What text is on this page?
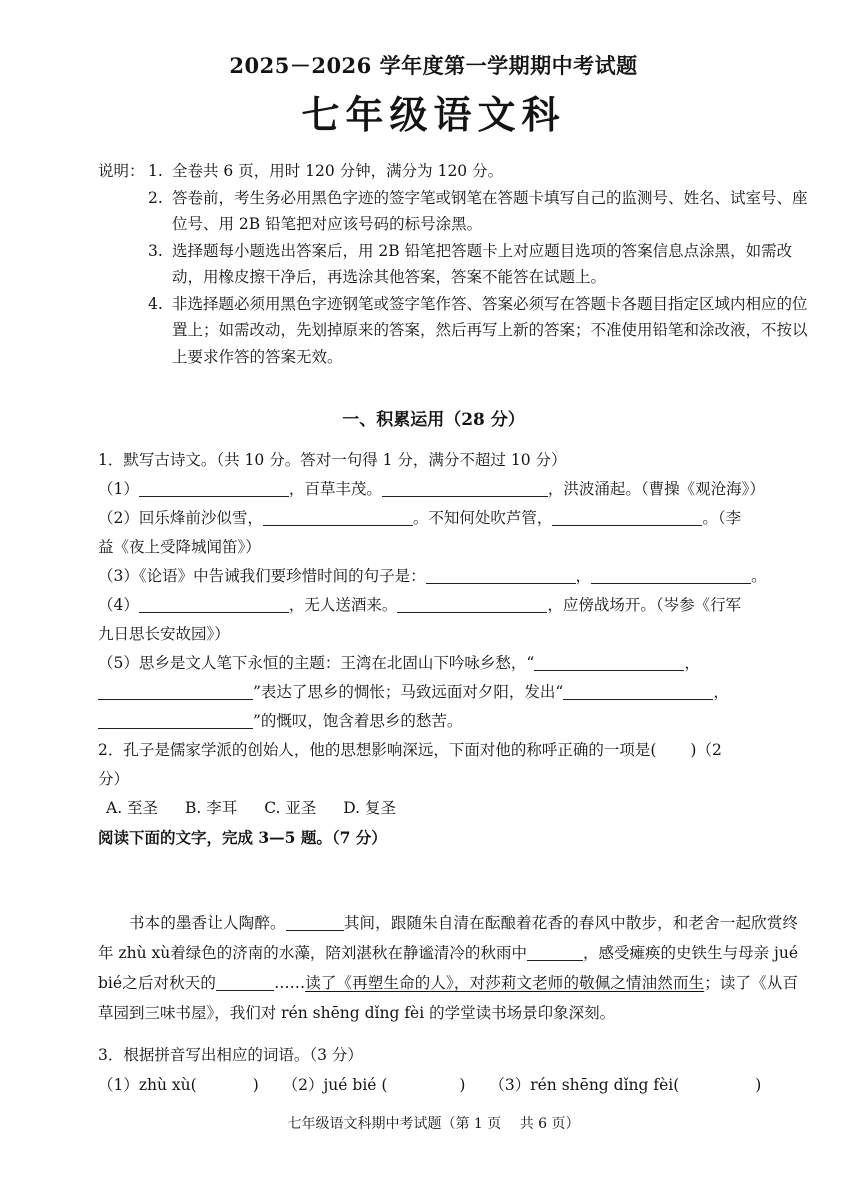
2025－2026 学年度第一学期期中考试题
七年级语文科
说明： 1. 全卷共 6 页，用时 120 分钟，满分为 120 分。
2. 答卷前，考生务必用黑色字迹的签字笔或钢笔在答题卡填写自己的监测号、姓名、试室号、座位号、用 2B 铅笔把对应该号码的标号涂黑。
3. 选择题每小题选出答案后，用 2B 铅笔把答题卡上对应题目选项的答案信息点涂黑，如需改动，用橡皮擦干净后，再选涂其他答案，答案不能答在试题上。
4. 非选择题必须用黑色字迹钢笔或签字笔作答、答案必须写在答题卡各题目指定区域内相应的位置上；如需改动，先划掉原来的答案，然后再写上新的答案；不准使用铅笔和涂改液，不按以上要求作答的答案无效。
一、积累运用（28 分）
1．默写古诗文。（共 10 分。答对一句得 1 分，满分不超过 10 分）
（1）	，百草丰茂。	，洪波涌起。（曹操《观沧海》）
（2）回乐烽前沙似雪，	。不知何处吹芦管，	。（李
益《夜上受降城闻笛》）
（3）《论语》中告诫我们要珍惜时间的句子是：	，	。
（4）	，无人送酒来。	，应傍战场开。（岑参《行军
九日思长安故园》）
（5）思乡是文人笔下永恒的主题：王湾在北固山下吟咏乡愁，“	，
”表达了思乡的惆怅；马致远面对夕阳，发出“	，
”的慨叹，饱含着思乡的愁苦。
2．孔子是儒家学派的创始人，他的思想影响深远，下面对他的称呼正确的一项是( )（2
分）
A. 至圣 B. 李耳 C. 亚圣 D. 复圣
阅读下面的文字，完成 3—5 题。（7 分）
书本的墨香让人陶醉。	其间，跟随朱自清在酝酿着花香的春风中散步，和老舍一起欣赏终年 zhù xù着绿色的济南的水藻，陪刘湛秋在静谧清冷的秋雨中	，感受瘫痪的史铁生与母亲 jué bié之后对秋天的	……读了《再塑生命的人》，对莎莉文老师的敬佩之情油然而生；读了《从百草园到三味书屋》，我们对 rén shēng dǐng fèi 的学堂读书场景印象深刻。
3．根据拼音写出相应的词语。（3 分）
（1）zhù xù(	) （2）jué bié (	) （3）rén shēng dǐng fèi(	)
七年级语文科期中考试题（第 1 页　 共 6 页）
